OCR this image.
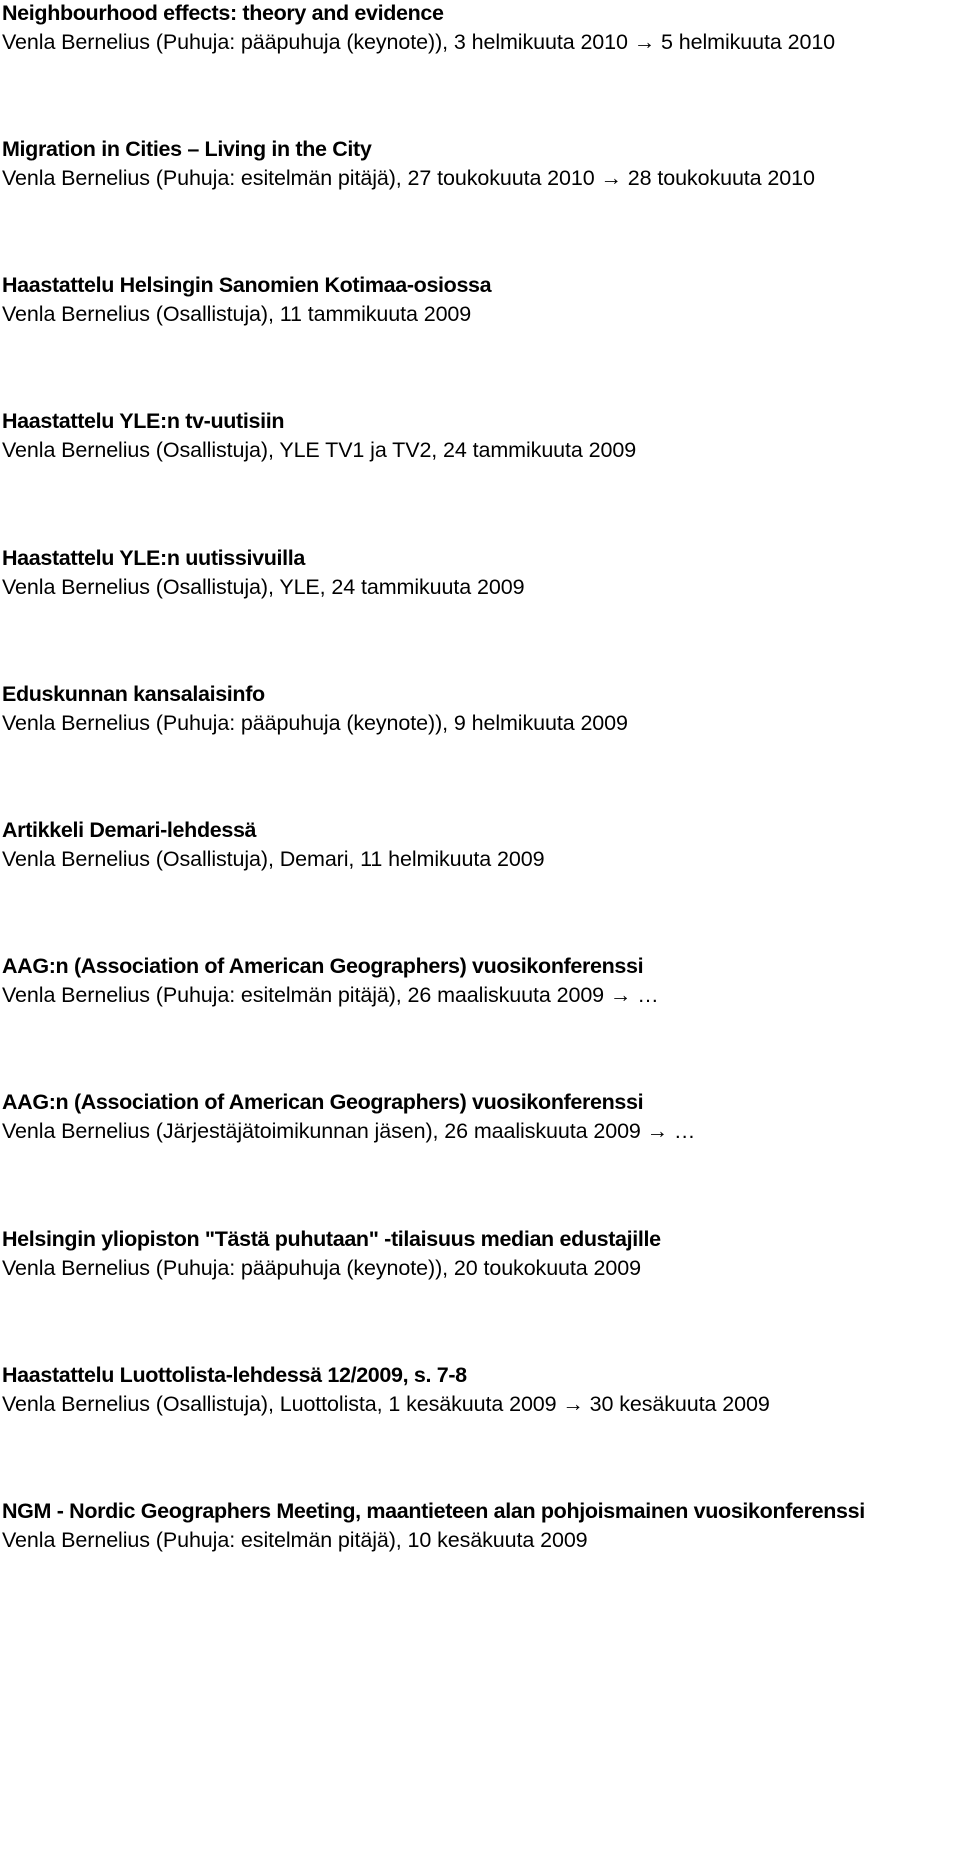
Neighbourhood effects: theory and evidence
Venla Bernelius (Puhuja: pääpuhuja (keynote)), 3 helmikuuta 2010 → 5 helmikuuta 2010
Migration in Cities – Living in the City
Venla Bernelius (Puhuja: esitelmän pitäjä), 27 toukokuuta 2010 → 28 toukokuuta 2010
Haastattelu Helsingin Sanomien Kotimaa-osiossa
Venla Bernelius (Osallistuja), 11 tammikuuta 2009
Haastattelu YLE:n tv-uutisiin
Venla Bernelius (Osallistuja), YLE TV1 ja TV2, 24 tammikuuta 2009
Haastattelu YLE:n uutissivuilla
Venla Bernelius (Osallistuja), YLE, 24 tammikuuta 2009
Eduskunnan kansalaisinfo
Venla Bernelius (Puhuja: pääpuhuja (keynote)), 9 helmikuuta 2009
Artikkeli Demari-lehdessä
Venla Bernelius (Osallistuja), Demari, 11 helmikuuta 2009
AAG:n (Association of American Geographers) vuosikonferenssi
Venla Bernelius (Puhuja: esitelmän pitäjä), 26 maaliskuuta 2009 → …
AAG:n (Association of American Geographers) vuosikonferenssi
Venla Bernelius (Järjestäjätoimikunnan jäsen), 26 maaliskuuta 2009 → …
Helsingin yliopiston "Tästä puhutaan" -tilaisuus median edustajille
Venla Bernelius (Puhuja: pääpuhuja (keynote)), 20 toukokuuta 2009
Haastattelu Luottolista-lehdessä 12/2009, s. 7-8
Venla Bernelius (Osallistuja), Luottolista, 1 kesäkuuta 2009 → 30 kesäkuuta 2009
NGM - Nordic Geographers Meeting, maantieteen alan pohjoismainen vuosikonferenssi
Venla Bernelius (Puhuja: esitelmän pitäjä), 10 kesäkuuta 2009
